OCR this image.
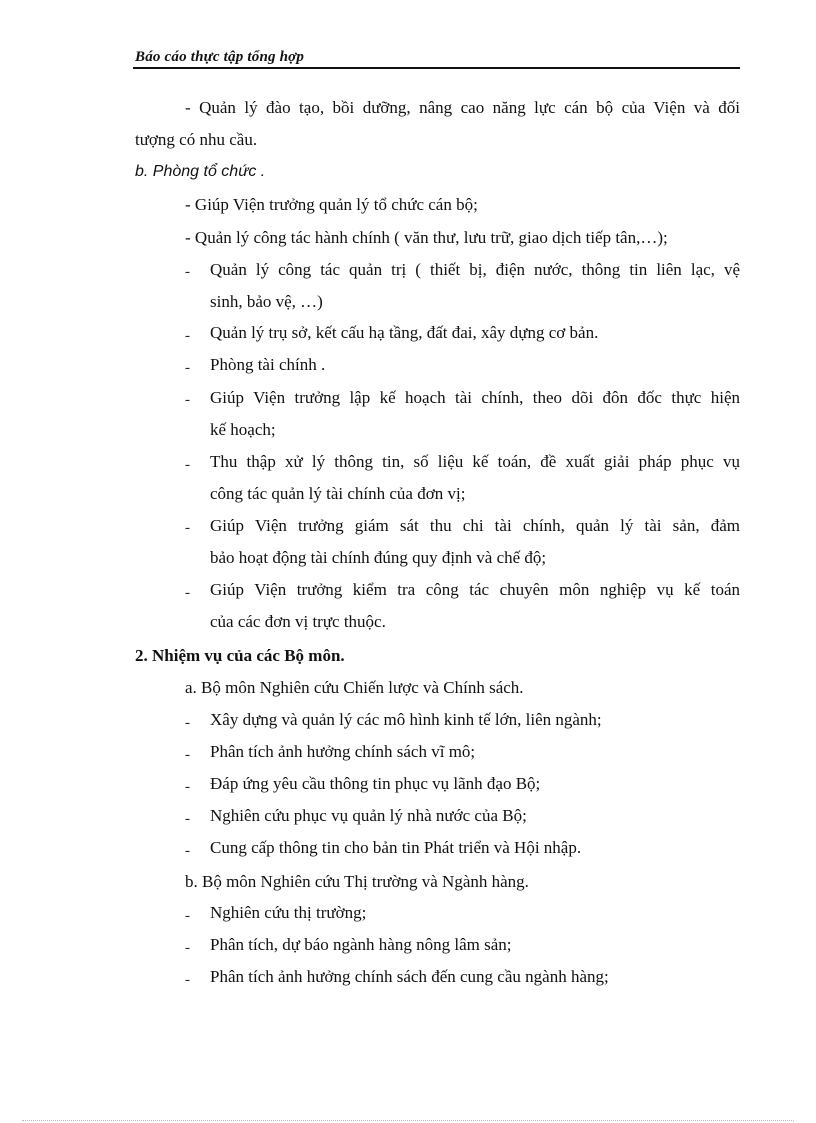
Báo cáo thực tập tổng hợp
- Quản lý đào tạo, bồi dưỡng, nâng cao năng lực cán bộ của Viện và đối
tượng có nhu cầu.
b. Phòng tổ chức .
- Giúp Viện trưởng quản lý tổ chức cán bộ;
- Quản lý công tác hành chính ( văn thư, lưu trữ, giao dịch tiếp tân,…);
- Quản lý công tác quản trị ( thiết bị, điện nước, thông tin liên lạc, vệ
sinh, bảo vệ, …)
- Quản lý trụ sở, kết cấu hạ tầng, đất đai, xây dựng cơ bản.
- Phòng tài chính .
- Giúp Viện trưởng lập kế hoạch tài chính, theo dõi đôn đốc thực hiện
kế hoạch;
- Thu thập xử lý thông tin, số liệu kế toán, đề xuất giải pháp phục vụ
công tác quản lý tài chính của đơn vị;
- Giúp Viện trưởng giám sát thu chi tài chính, quản lý tài sản, đảm
bảo hoạt động tài chính đúng quy định và chế độ;
- Giúp Viện trưởng kiểm tra công tác chuyên môn nghiệp vụ kế toán
của các đơn vị trực thuộc.
2. Nhiệm vụ của các Bộ môn.
a. Bộ môn Nghiên cứu Chiến lược và Chính sách.
- Xây dựng và quản lý các mô hình kinh tế lớn, liên ngành;
- Phân tích ảnh hưởng chính sách vĩ mô;
- Đáp ứng yêu cầu thông tin phục vụ lãnh đạo Bộ;
- Nghiên cứu phục vụ quản lý nhà nước của Bộ;
- Cung cấp thông tin cho bản tin Phát triển và Hội nhập.
b. Bộ môn Nghiên cứu Thị trường và Ngành hàng.
- Nghiên cứu thị trường;
- Phân tích, dự báo ngành hàng nông lâm sản;
- Phân tích ảnh hưởng chính sách đến cung cầu ngành hàng;
